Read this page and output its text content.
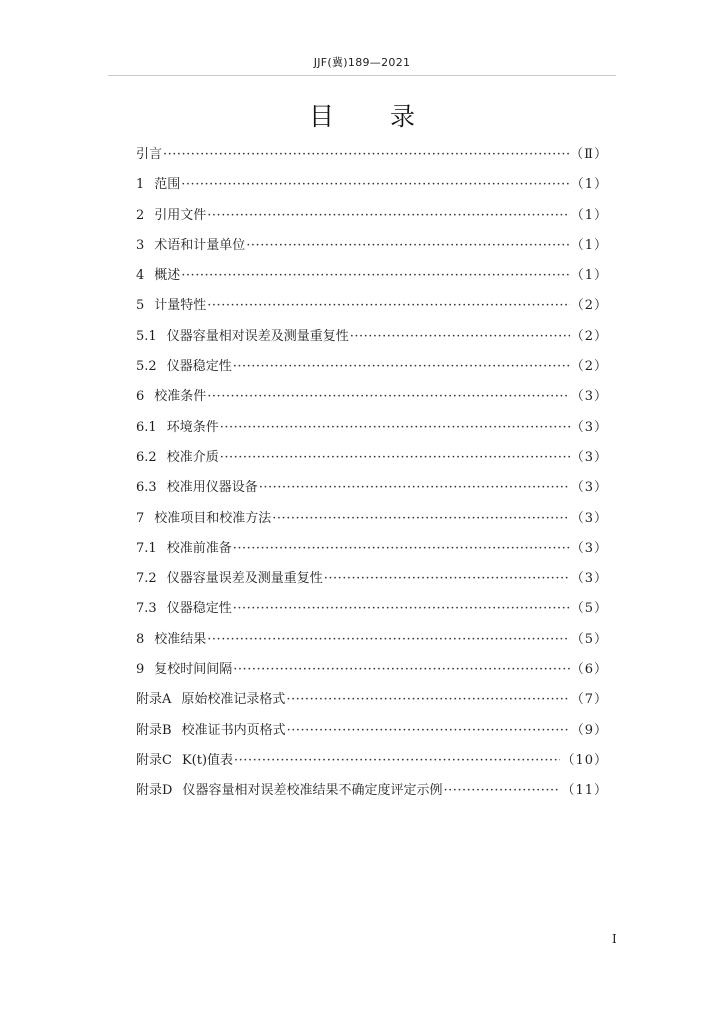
JJF(冀)189—2021
目 录
引言 ·····	（Ⅱ）
1 范围 ·····	（1）
2 引用文件 ·····	（1）
3 术语和计量单位 ·····	（1）
4 概述 ·····	（1）
5 计量特性 ·····	（2）
5.1 仪器容量相对误差及测量重复性 ·····	（2）
5.2 仪器稳定性 ·····	（2）
6 校准条件 ·····	（3）
6.1 环境条件 ·····	（3）
6.2 校准介质 ·····	（3）
6.3 校准用仪器设备 ·····	（3）
7 校准项目和校准方法 ·····	（3）
7.1 校准前准备 ·····	（3）
7.2 仪器容量误差及测量重复性 ·····	（3）
7.3 仪器稳定性 ·····	（5）
8 校准结果 ·····	（5）
9 复校时间间隔 ·····	（6）
附录A 原始校准记录格式 ·····	（7）
附录B 校准证书内页格式 ·····	（9）
附录C K(t)值表 ·····	（10）
附录D 仪器容量相对误差校准结果不确定度评定示例 ·····	（11）
I
